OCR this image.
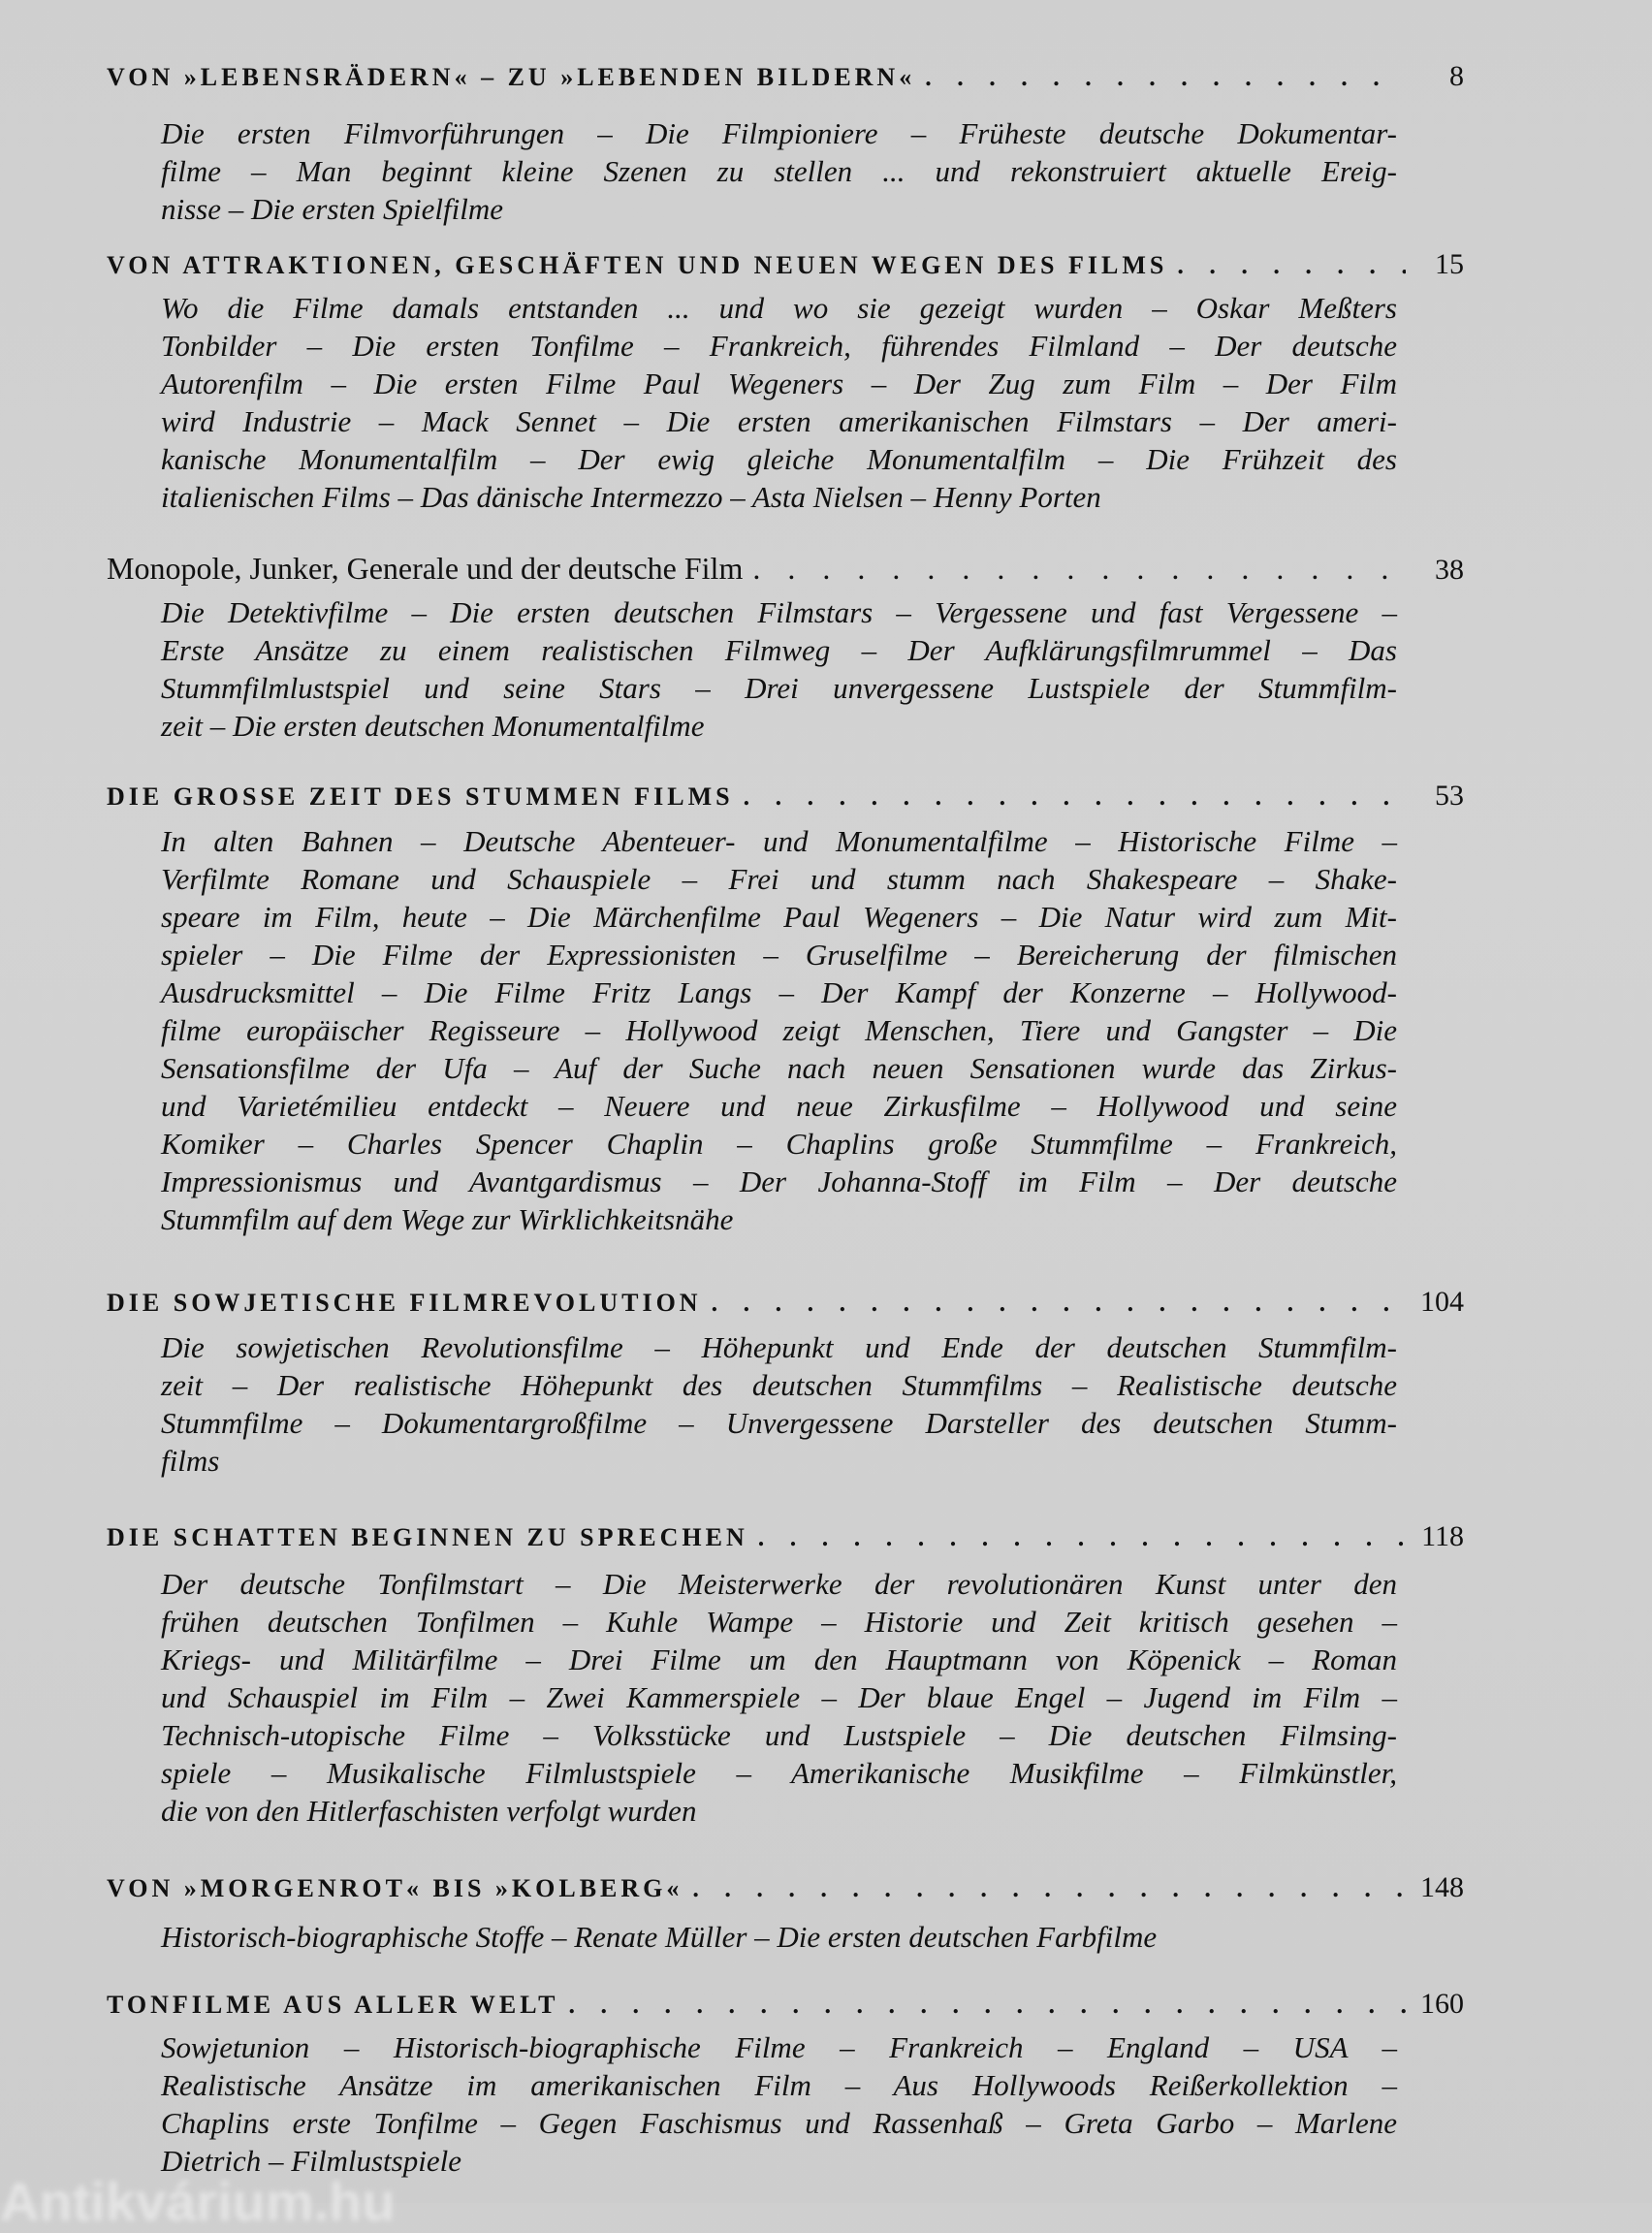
VON »LEBENSRÄDERN« – ZU »LEBENDEN BILDERN« . . .	8
Die ersten Filmvorführungen – Die Filmpioniere – Früheste deutsche Dokumentar-
filme – Man beginnt kleine Szenen zu stellen ... und rekonstruiert aktuelle Ereig-
nisse – Die ersten Spielfilme
VON ATTRAKTIONEN, GESCHÄFTEN UND NEUEN WEGEN DES FILMS . . .	15
Wo die Filme damals entstanden ... und wo sie gezeigt wurden – Oskar Meßters
Tonbilder – Die ersten Tonfilme – Frankreich, führendes Filmland – Der deutsche
Autorenfilm – Die ersten Filme Paul Wegeners – Der Zug zum Film – Der Film
wird Industrie – Mack Sennet – Die ersten amerikanischen Filmstars – Der ameri-
kanische Monumentalfilm – Der ewig gleiche Monumentalfilm – Die Frühzeit des
italienischen Films – Das dänische Intermezzo – Asta Nielsen – Henny Porten
Monopole, Junker, Generale und der deutsche Film . . .	38
Die Detektivfilme – Die ersten deutschen Filmstars – Vergessene und fast Vergessene –
Erste Ansätze zu einem realistischen Filmweg – Der Aufklärungsfilmrummel – Das
Stummfilmlustspiel und seine Stars – Drei unvergessene Lustspiele der Stummfilm-
zeit – Die ersten deutschen Monumentalfilme
DIE GROSSE ZEIT DES STUMMEN FILMS . . .	53
In alten Bahnen – Deutsche Abenteuer- und Monumentalfilme – Historische Filme –
Verfilmte Romane und Schauspiele – Frei und stumm nach Shakespeare – Shake-
speare im Film, heute – Die Märchenfilme Paul Wegeners – Die Natur wird zum Mit-
spieler – Die Filme der Expressionisten – Gruselfilme – Bereicherung der filmischen
Ausdrucksmittel – Die Filme Fritz Langs – Der Kampf der Konzerne – Hollywood-
filme europäischer Regisseure – Hollywood zeigt Menschen, Tiere und Gangster – Die
Sensationsfilme der Ufa – Auf der Suche nach neuen Sensationen wurde das Zirkus-
und Varietémilieu entdeckt – Neuere und neue Zirkusfilme – Hollywood und seine
Komiker – Charles Spencer Chaplin – Chaplins große Stummfilme – Frankreich,
Impressionismus und Avantgardismus – Der Johanna-Stoff im Film – Der deutsche
Stummfilm auf dem Wege zur Wirklichkeitsnähe
DIE SOWJETISCHE FILMREVOLUTION . . .	104
Die sowjetischen Revolutionsfilme – Höhepunkt und Ende der deutschen Stummfilm-
zeit – Der realistische Höhepunkt des deutschen Stummfilms – Realistische deutsche
Stummfilme – Dokumentargroßfilme – Unvergessene Darsteller des deutschen Stumm-
films
DIE SCHATTEN BEGINNEN ZU SPRECHEN . . .	118
Der deutsche Tonfilmstart – Die Meisterwerke der revolutionären Kunst unter den
frühen deutschen Tonfilmen – Kuhle Wampe – Historie und Zeit kritisch gesehen –
Kriegs- und Militärfilme – Drei Filme um den Hauptmann von Köpenick – Roman
und Schauspiel im Film – Zwei Kammerspiele – Der blaue Engel – Jugend im Film –
Technisch-utopische Filme – Volksstücke und Lustspiele – Die deutschen Filmsing-
spiele – Musikalische Filmlustspiele – Amerikanische Musikfilme – Filmkünstler,
die von den Hitlerfaschisten verfolgt wurden
VON »MORGENROT« BIS »KOLBERG« . . .	148
Historisch-biographische Stoffe – Renate Müller – Die ersten deutschen Farbfilme
TONFILME AUS ALLER WELT . . .	160
Sowjetunion – Historisch-biographische Filme – Frankreich – England – USA –
Realistische Ansätze im amerikanischen Film – Aus Hollywoods Reißerkollektion –
Chaplins erste Tonfilme – Gegen Faschismus und Rassenhaß – Greta Garbo – Marlene
Dietrich – Filmlustspiele
Antikvárium.hu
